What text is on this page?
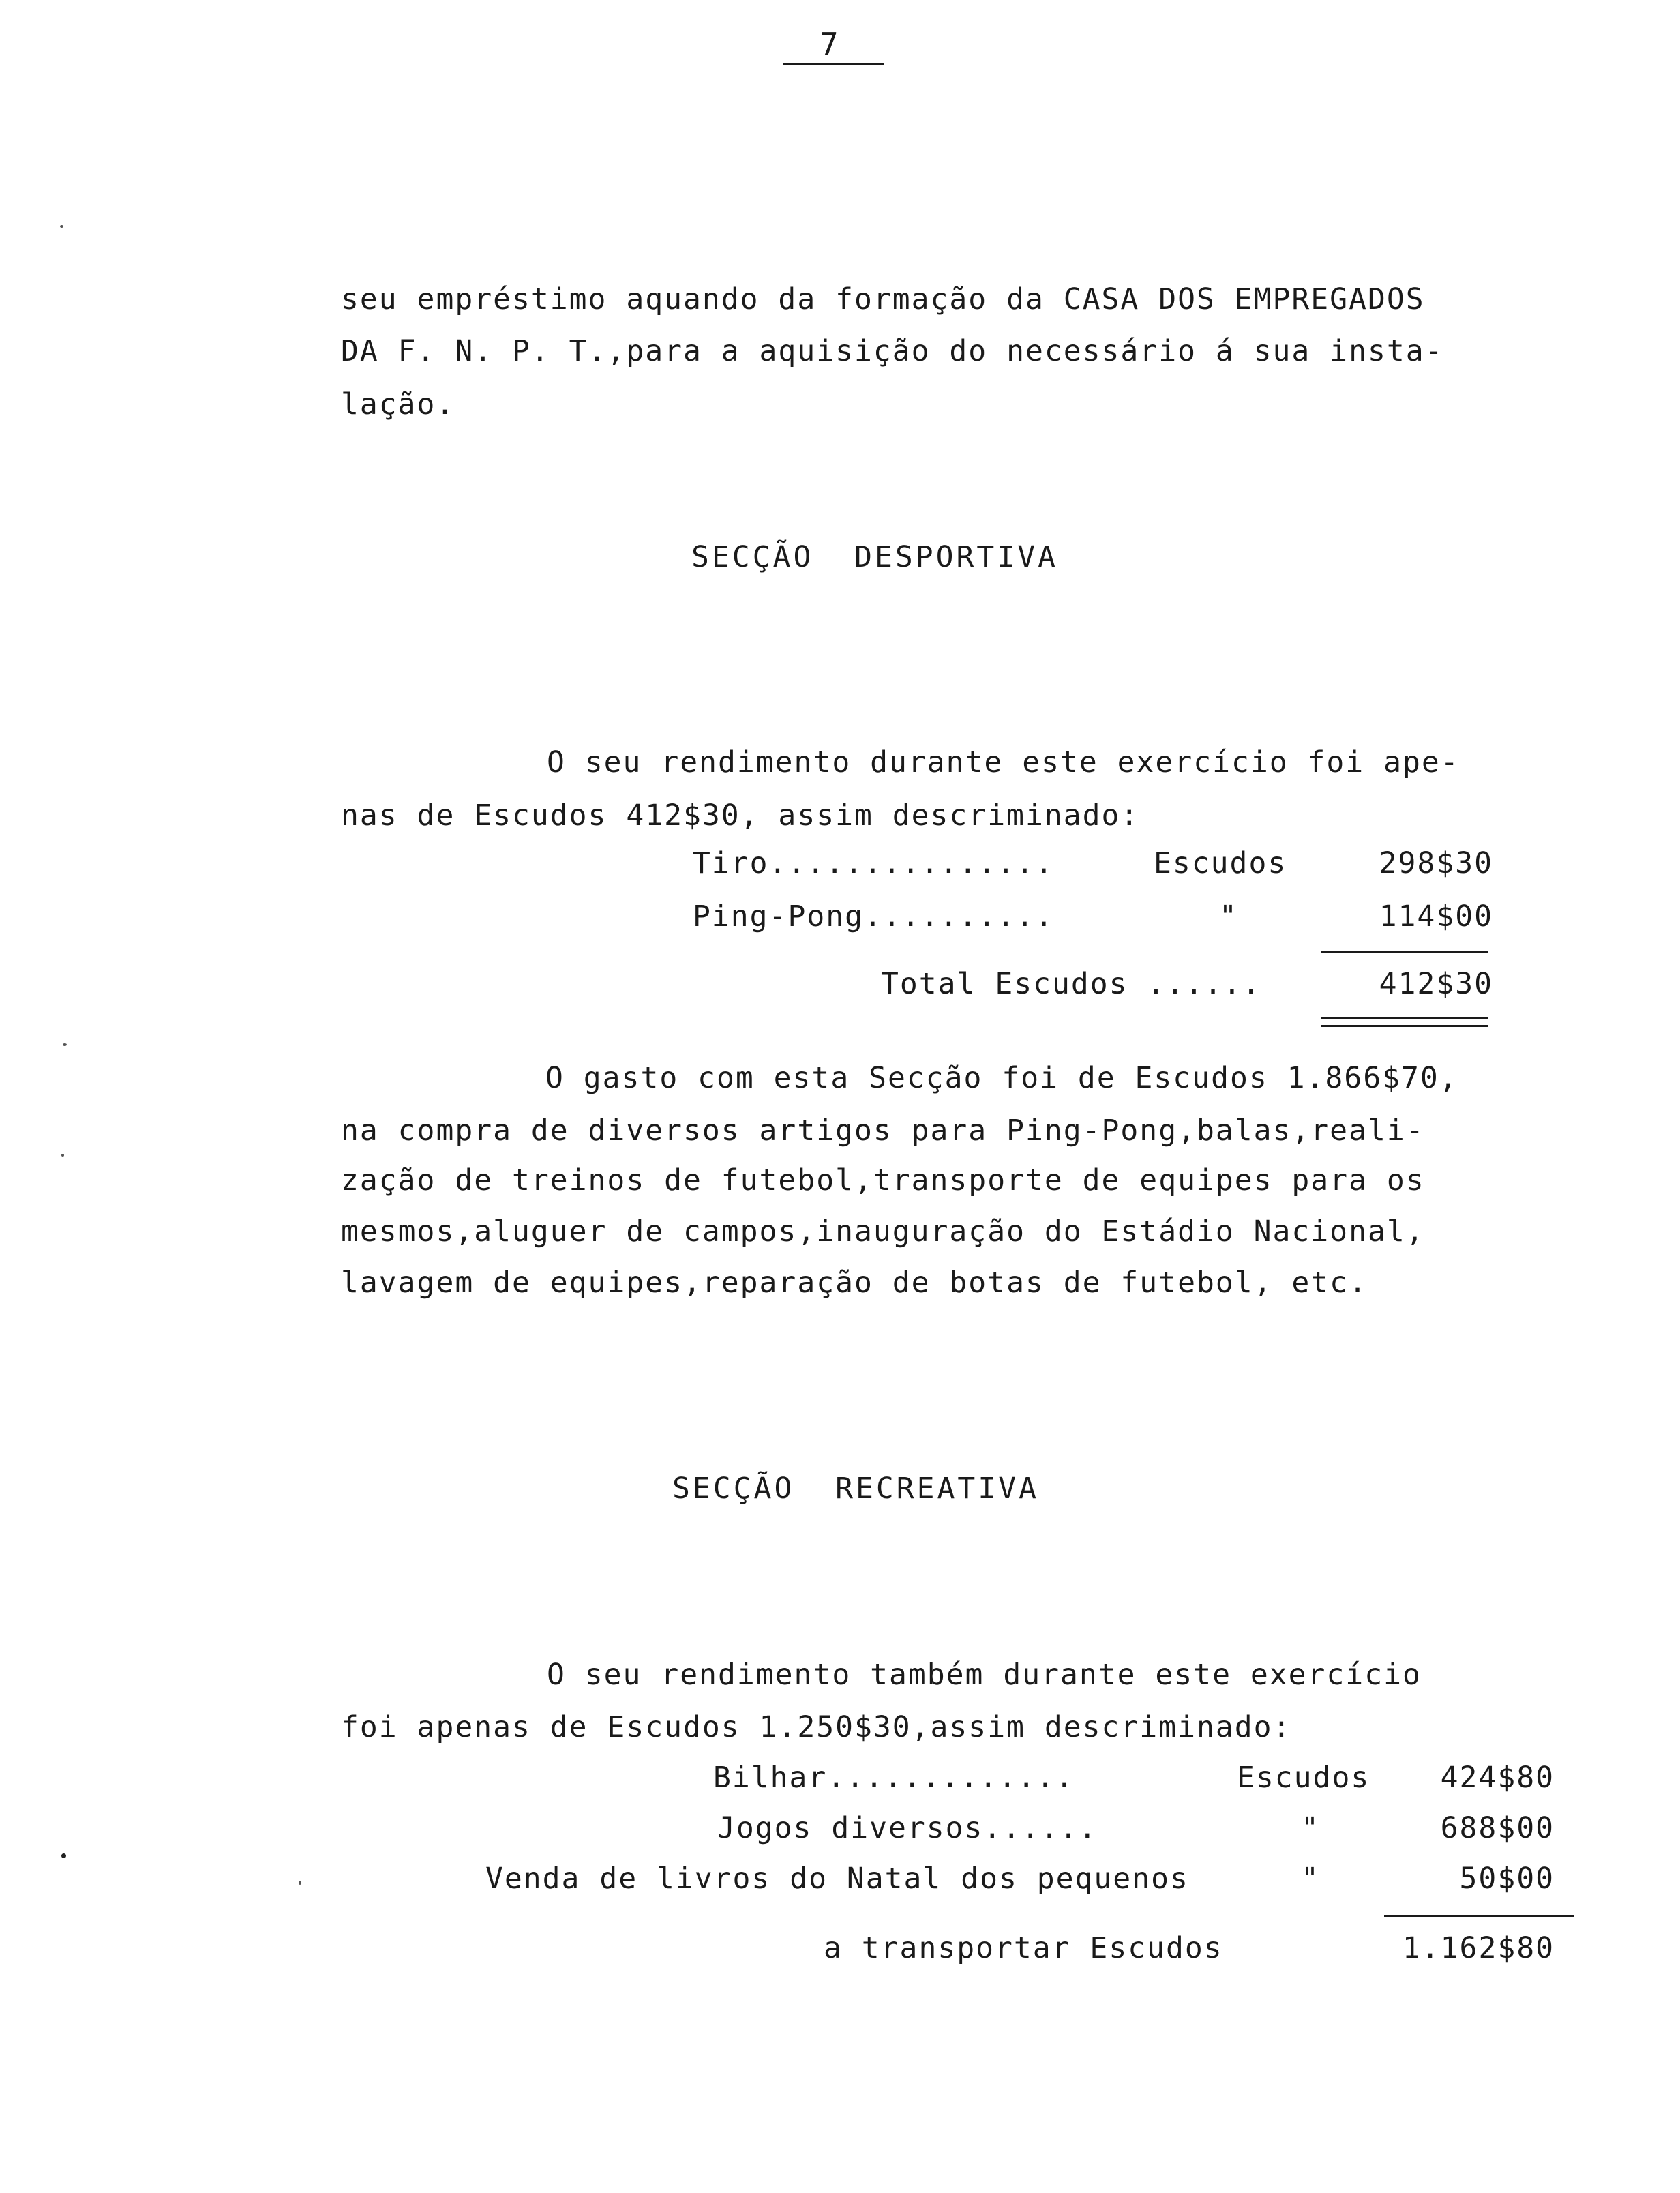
7
seu empréstimo aquando da formação da CASA DOS EMPREGADOS
DA F. N. P. T.,para a aquisição do necessário á sua insta-
lação.
SECÇÃO  DESPORTIVA
O seu rendimento durante este exercício foi ape-
nas de Escudos 412$30, assim descriminado:
Tiro...............	Escudos	298$30
Ping-Pong..........	"	114$00
Total Escudos ......	412$30
O gasto com esta Secção foi de Escudos 1.866$70,
na compra de diversos artigos para Ping-Pong,balas,reali-
zação de treinos de futebol,transporte de equipes para os
mesmos,aluguer de campos,inauguração do Estádio Nacional,
lavagem de equipes,reparação de botas de futebol, etc.
SECÇÃO  RECREATIVA
O seu rendimento também durante este exercício
foi apenas de Escudos 1.250$30,assim descriminado:
Bilhar.............	Escudos	424$80
Jogos diversos......	"	688$00
Venda de livros do Natal dos pequenos	"	50$00
a transportar Escudos	1.162$80
